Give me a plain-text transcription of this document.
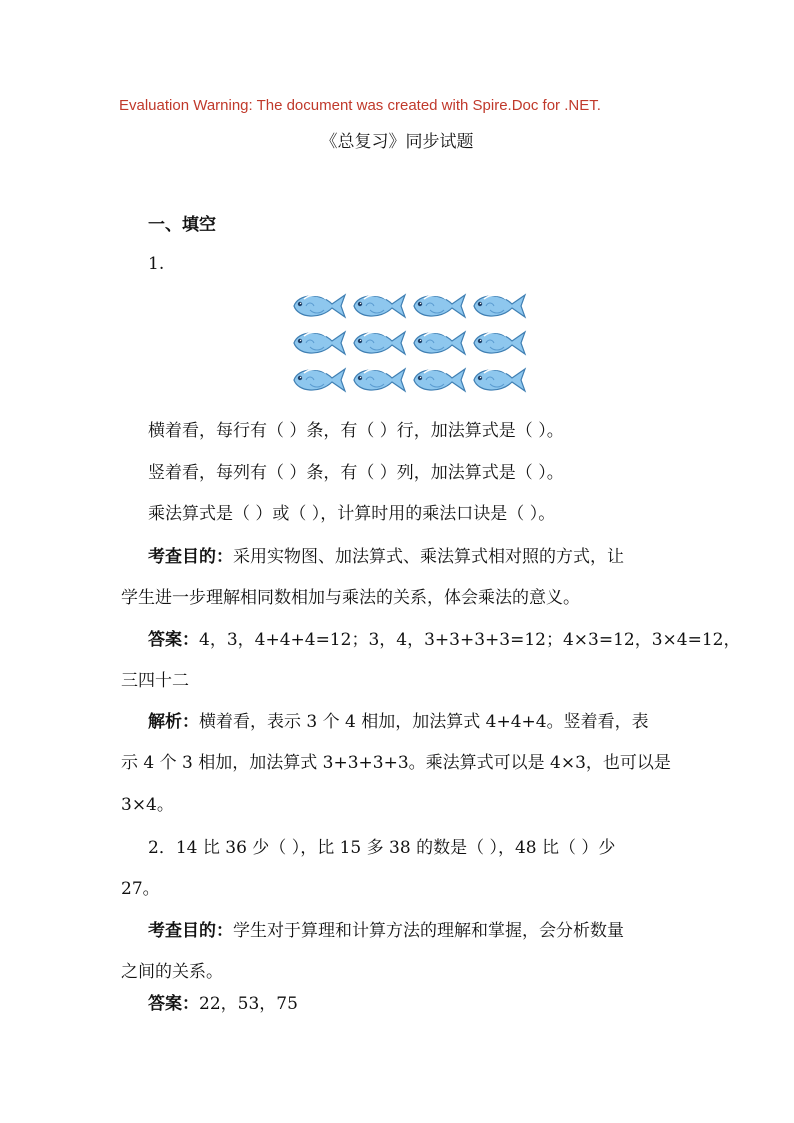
Evaluation Warning: The document was created with Spire.Doc for .NET.
《总复习》同步试题
一、填空
1.
横着看，每行有（ ）条，有（ ）行，加法算式是（ ）。
竖着看，每列有（ ）条，有（ ）列，加法算式是（ ）。
乘法算式是（ ）或（ ），计算时用的乘法口诀是（ ）。
考查目的：采用实物图、加法算式、乘法算式相对照的方式，让
学生进一步理解相同数相加与乘法的关系，体会乘法的意义。
答案：4，3，4+4+4=12；3，4，3+3+3+3=12；4×3=12，3×4=12，
三四十二
解析：横着看，表示 3 个 4 相加，加法算式 4+4+4。竖着看，表
示 4 个 3 相加，加法算式 3+3+3+3。乘法算式可以是 4×3，也可以是
3×4。
2．14 比 36 少（ ），比 15 多 38 的数是（ ），48 比（ ）少
27。
考查目的：学生对于算理和计算方法的理解和掌握，会分析数量
之间的关系。
答案：22，53，75
